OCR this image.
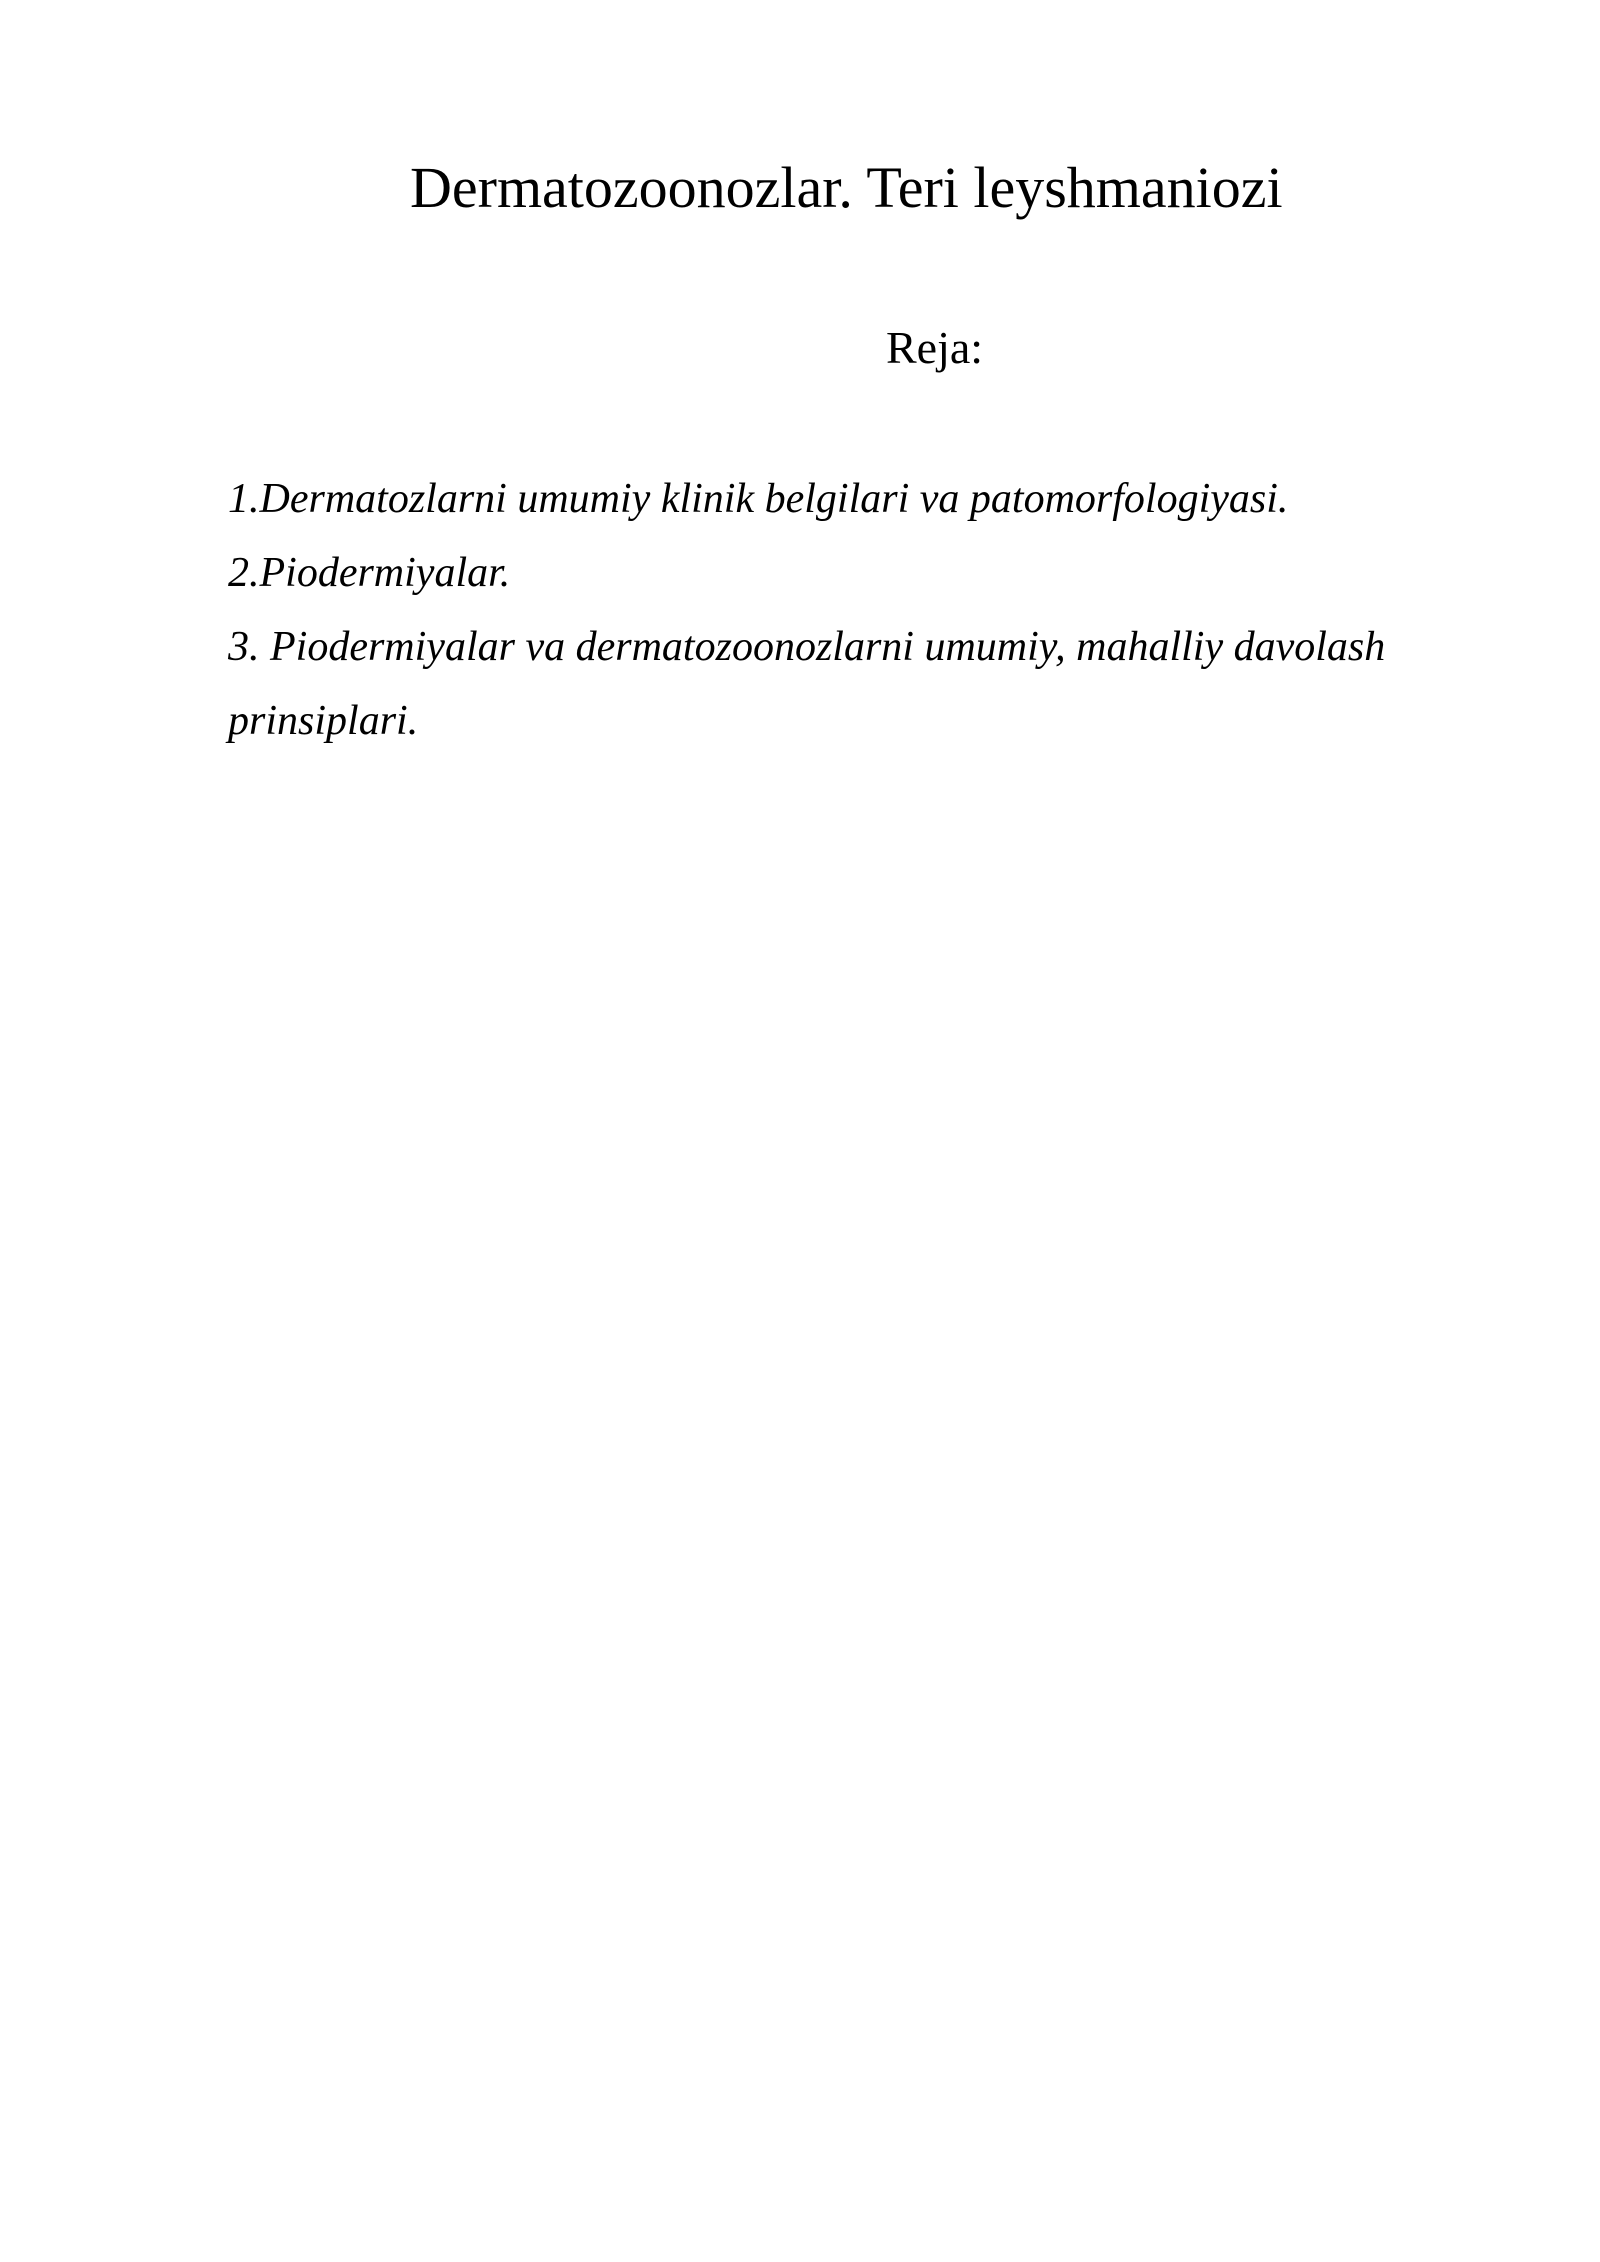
Dermatozoonozlar. Teri leyshmaniozi
Reja:
1.Dermatozlarni umumiy klinik belgilari va patomorfologiyasi.
2.Piodermiyalar.
3. Piodermiyalar va dermatozoonozlarni umumiy, mahalliy davolash prinsiplari.
